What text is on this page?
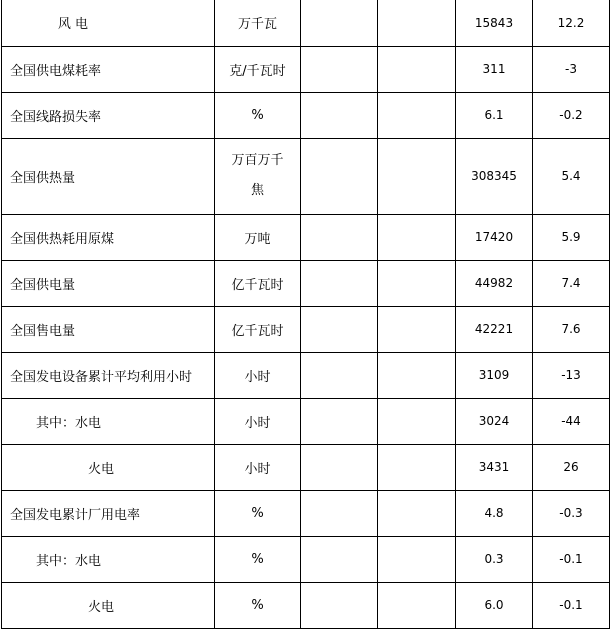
风 电	万千瓦			15843	12.2
全国供电煤耗率	克/千瓦时			311	-3
全国线路损失率	%			6.1	-0.2
全国供热量	万百万千焦			308345	5.4
全国供热耗用原煤	万吨			17420	5.9
全国供电量	亿千瓦时			44982	7.4
全国售电量	亿千瓦时			42221	7.6
全国发电设备累计平均利用小时	小时			3109	-13
其中：水电	小时			3024	-44
火电	小时			3431	26
全国发电累计厂用电率	%			4.8	-0.3
其中：水电	%			0.3	-0.1
火电	%			6.0	-0.1
